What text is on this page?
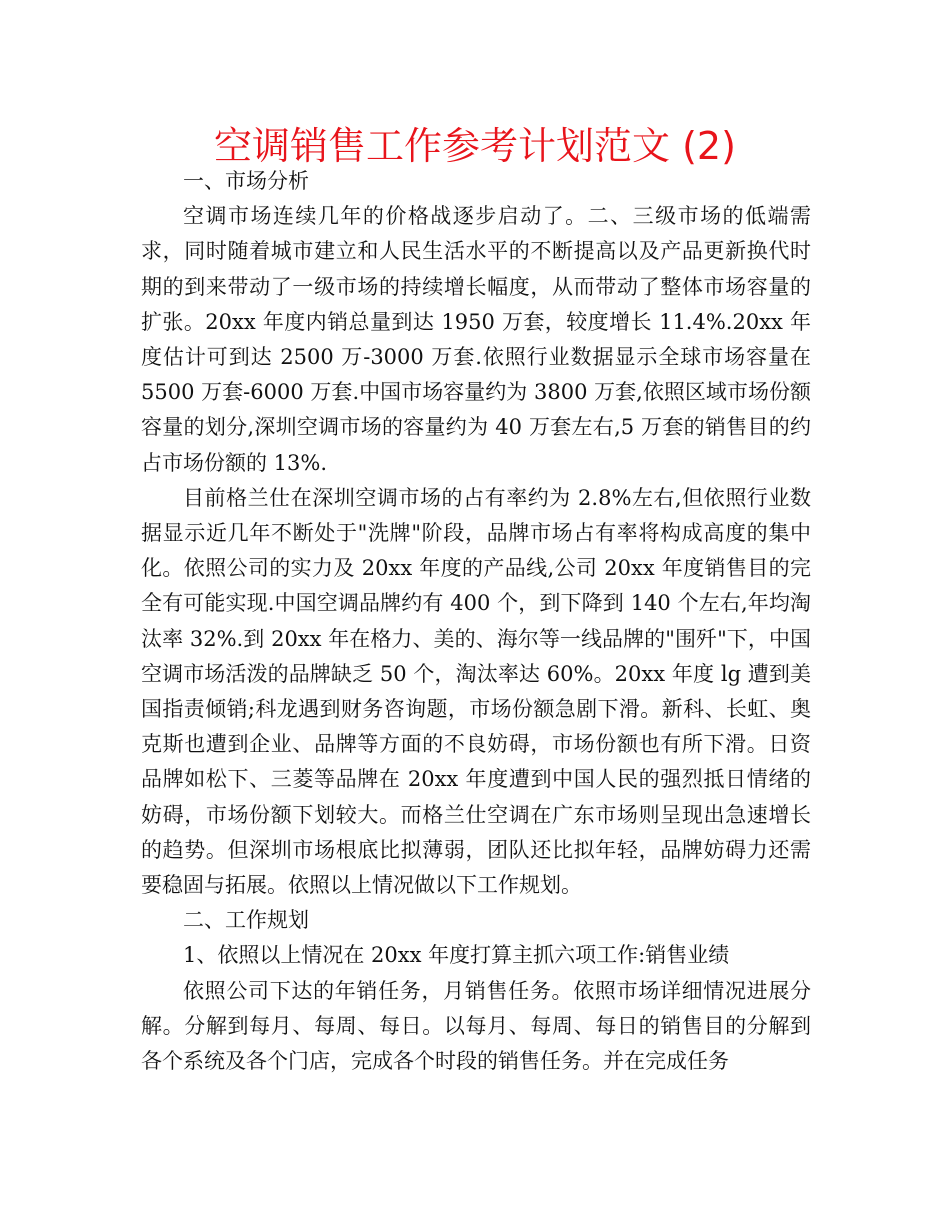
空调销售工作参考计划范文 (2)

一、市场分析

空调市场连续几年的价格战逐步启动了。二、三级市场的低端需求，同时随着城市建立和人民生活水平的不断提高以及产品更新换代时期的到来带动了一级市场的持续增长幅度，从而带动了整体市场容量的扩张。20xx 年度内销总量到达 1950 万套，较度增长 11.4%.20xx 年度估计可到达 2500 万-3000 万套.依照行业数据显示全球市场容量在 5500 万套-6000 万套.中国市场容量约为 3800 万套,依照区域市场份额容量的划分,深圳空调市场的容量约为 40 万套左右,5 万套的销售目的约占市场份额的 13%.

目前格兰仕在深圳空调市场的占有率约为 2.8%左右,但依照行业数据显示近几年不断处于"洗牌"阶段，品牌市场占有率将构成高度的集中化。依照公司的实力及 20xx 年度的产品线,公司 20xx 年度销售目的完全有可能实现.中国空调品牌约有 400 个，到下降到 140 个左右,年均淘汰率 32%.到 20xx 年在格力、美的、海尔等一线品牌的"围歼"下，中国空调市场活泼的品牌缺乏 50 个，淘汰率达 60%。20xx 年度 lg 遭到美国指责倾销;科龙遇到财务咨询题，市场份额急剧下滑。新科、长虹、奥克斯也遭到企业、品牌等方面的不良妨碍，市场份额也有所下滑。日资品牌如松下、三菱等品牌在 20xx 年度遭到中国人民的强烈抵日情绪的妨碍，市场份额下划较大。而格兰仕空调在广东市场则呈现出急速增长的趋势。但深圳市场根底比拟薄弱，团队还比拟年轻，品牌妨碍力还需要稳固与拓展。依照以上情况做以下工作规划。

二、工作规划

1、依照以上情况在 20xx 年度打算主抓六项工作:销售业绩

依照公司下达的年销任务，月销售任务。依照市场详细情况进展分解。分解到每月、每周、每日。以每月、每周、每日的销售目的分解到各个系统及各个门店，完成各个时段的销售任务。并在完成任务
